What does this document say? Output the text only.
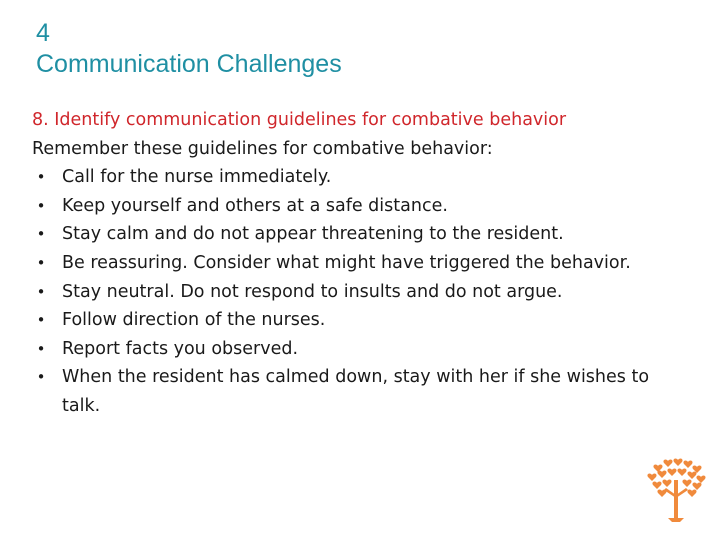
4
Communication Challenges
8. Identify communication guidelines for combative behavior
Remember these guidelines for combative behavior:
• Call for the nurse immediately.
• Keep yourself and others at a safe distance.
• Stay calm and do not appear threatening to the resident.
• Be reassuring. Consider what might have triggered the behavior.
• Stay neutral. Do not respond to insults and do not argue.
• Follow direction of the nurses.
• Report facts you observed.
• When the resident has calmed down, stay with her if she wishes to talk.
